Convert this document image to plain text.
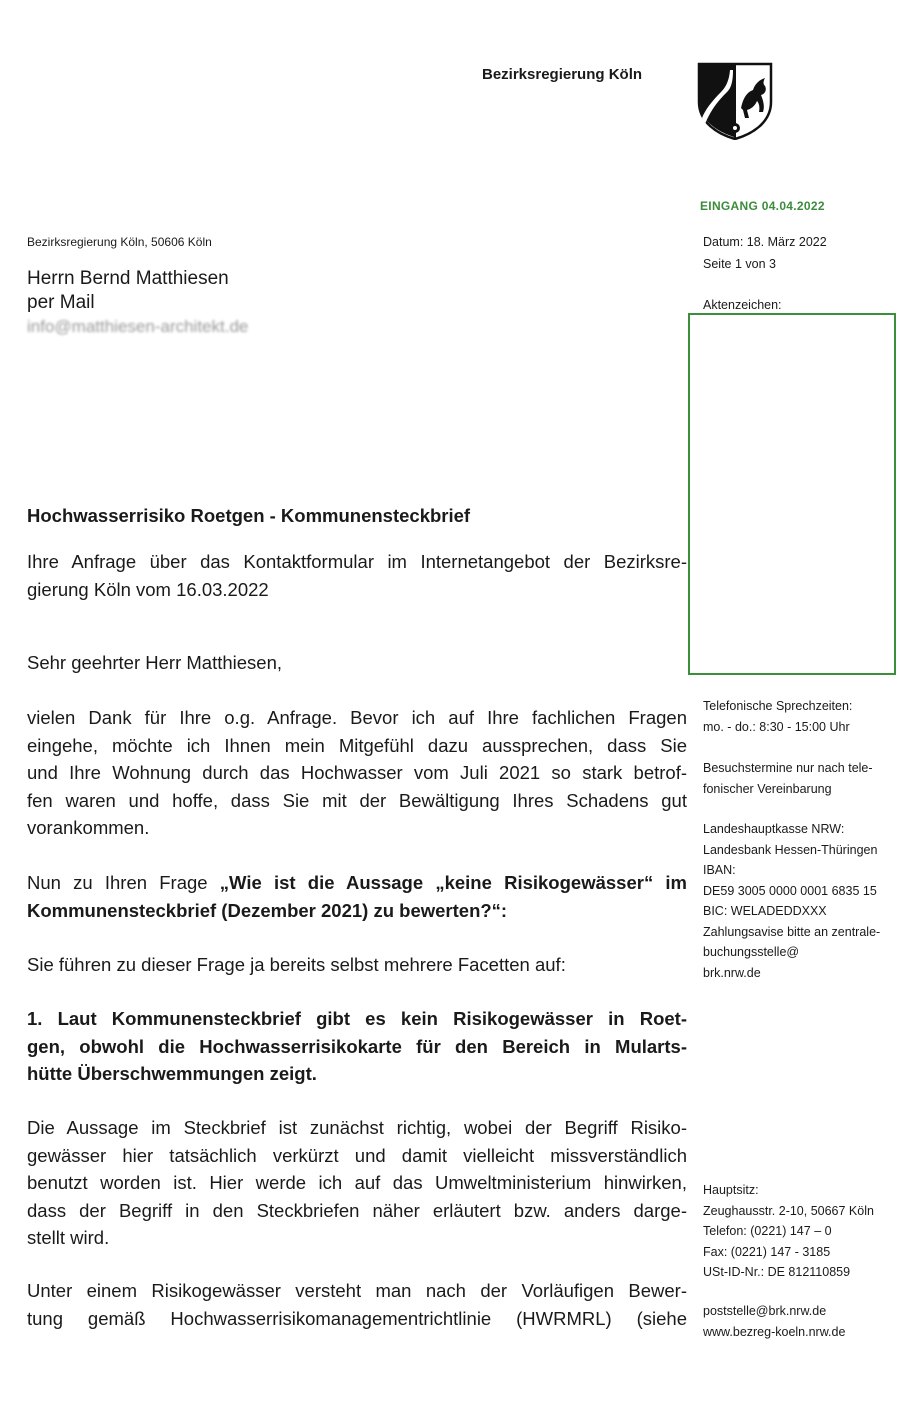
Bezirksregierung Köln
EINGANG 04.04.2022
Bezirksregierung Köln, 50606 Köln
Herrn Bernd Matthiesen
per Mail
info@matthiesen-architekt.de
Datum: 18. März 2022
Seite 1 von 3
Aktenzeichen:
Telefonische Sprechzeiten:
mo. - do.: 8:30 - 15:00 Uhr
Besuchstermine nur nach tele-
fonischer Vereinbarung
Landeshauptkasse NRW:
Landesbank Hessen-Thüringen
IBAN:
DE59 3005 0000 0001 6835 15
BIC: WELADEDDXXX
Zahlungsavise bitte an zentrale-
buchungsstelle@
brk.nrw.de
Hauptsitz:
Zeughausstr. 2-10, 50667 Köln
Telefon: (0221) 147 – 0
Fax: (0221) 147 - 3185
USt-ID-Nr.: DE 812110859
poststelle@brk.nrw.de
www.bezreg-koeln.nrw.de
Hochwasserrisiko Roetgen - Kommunensteckbrief
Ihre Anfrage über das Kontaktformular im Internetangebot der Bezirksre-
gierung Köln vom 16.03.2022
Sehr geehrter Herr Matthiesen,
vielen Dank für Ihre o.g. Anfrage. Bevor ich auf Ihre fachlichen Fragen
eingehe, möchte ich Ihnen mein Mitgefühl dazu aussprechen, dass Sie
und Ihre Wohnung durch das Hochwasser vom Juli 2021 so stark betrof-
fen waren und hoffe, dass Sie mit der Bewältigung Ihres Schadens gut
vorankommen.
Nun zu Ihren Frage „Wie ist die Aussage „keine Risikogewässer“ im
Kommunensteckbrief (Dezember 2021) zu bewerten?“:
Sie führen zu dieser Frage ja bereits selbst mehrere Facetten auf:
1. Laut Kommunensteckbrief gibt es kein Risikogewässer in Roet-
gen, obwohl die Hochwasserrisikokarte für den Bereich in Mularts-
hütte Überschwemmungen zeigt.
Die Aussage im Steckbrief ist zunächst richtig, wobei der Begriff Risiko-
gewässer hier tatsächlich verkürzt und damit vielleicht missverständlich
benutzt worden ist. Hier werde ich auf das Umweltministerium hinwirken,
dass der Begriff in den Steckbriefen näher erläutert bzw. anders darge-
stellt wird.
Unter einem Risikogewässer versteht man nach der Vorläufigen Bewer-
tung gemäß Hochwasserrisikomanagementrichtlinie (HWRMRL) (siehe
